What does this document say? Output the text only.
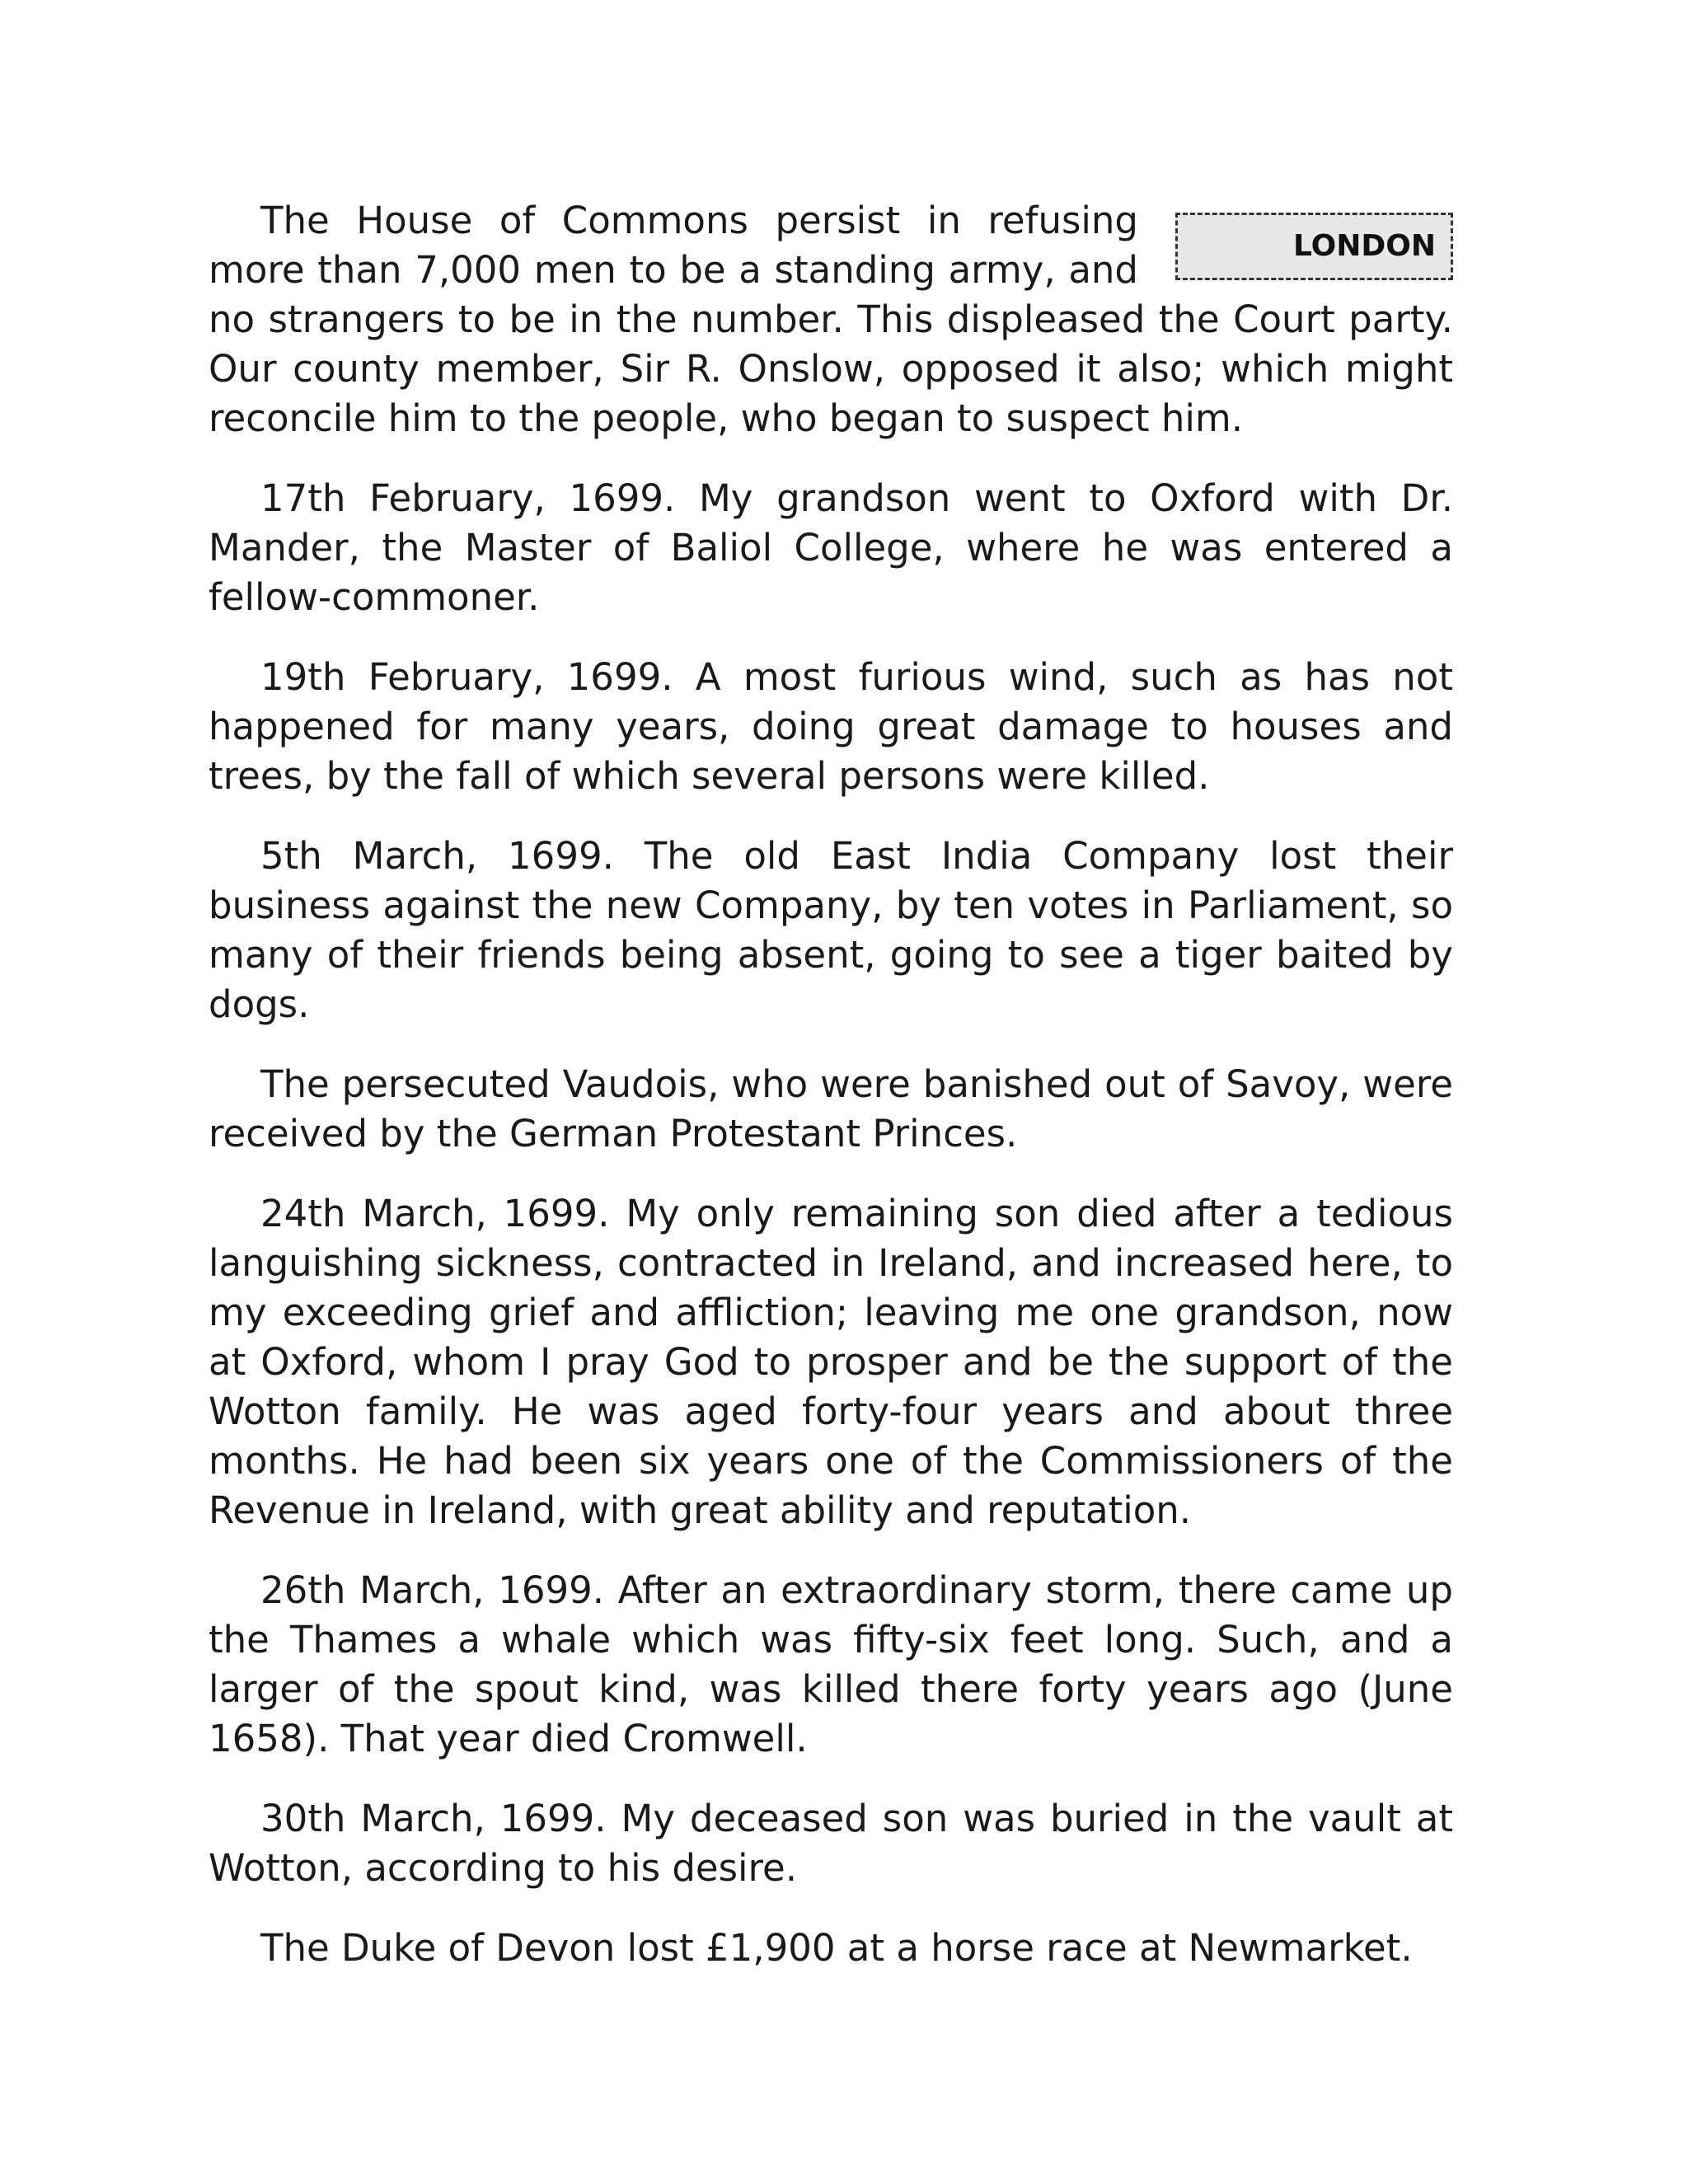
LONDON

The House of Commons persist in refusing more than 7,000 men to be a standing army, and no strangers to be in the number. This displeased the Court party. Our county member, Sir R. Onslow, opposed it also; which might reconcile him to the people, who began to suspect him.

17th February, 1699. My grandson went to Oxford with Dr. Mander, the Master of Baliol College, where he was entered a fellow-commoner.

19th February, 1699. A most furious wind, such as has not happened for many years, doing great damage to houses and trees, by the fall of which several persons were killed.

5th March, 1699. The old East India Company lost their business against the new Company, by ten votes in Parliament, so many of their friends being absent, going to see a tiger baited by dogs.

The persecuted Vaudois, who were banished out of Savoy, were received by the German Protestant Princes.

24th March, 1699. My only remaining son died after a tedious languishing sickness, contracted in Ireland, and increased here, to my exceeding grief and affliction; leaving me one grandson, now at Oxford, whom I pray God to prosper and be the support of the Wotton family. He was aged forty-four years and about three months. He had been six years one of the Commissioners of the Revenue in Ireland, with great ability and reputation.

26th March, 1699. After an extraordinary storm, there came up the Thames a whale which was fifty-six feet long. Such, and a larger of the spout kind, was killed there forty years ago (June 1658). That year died Cromwell.

30th March, 1699. My deceased son was buried in the vault at Wotton, according to his desire.

The Duke of Devon lost £1,900 at a horse race at Newmarket.
